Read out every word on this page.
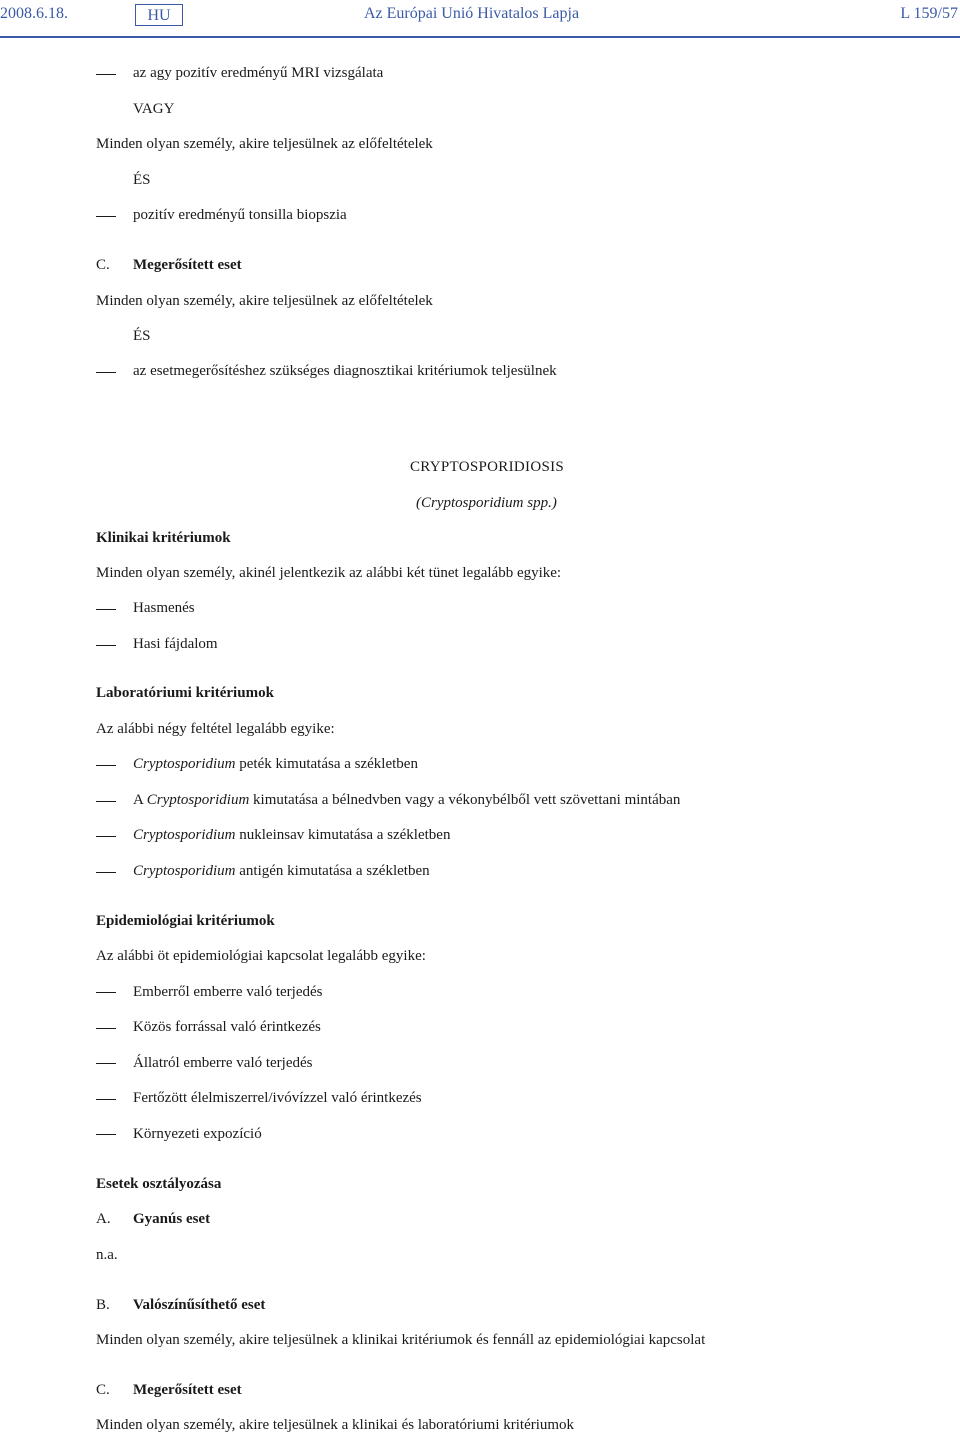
2008.6.18.	HU	Az Európai Unió Hivatalos Lapja	L 159/57
az agy pozitív eredményű MRI vizsgálata
VAGY
Minden olyan személy, akire teljesülnek az előfeltételek
ÉS
pozitív eredményű tonsilla biopszia
C. Megerősített eset
Minden olyan személy, akire teljesülnek az előfeltételek
ÉS
az esetmegerősítéshez szükséges diagnosztikai kritériumok teljesülnek
CRYPTOSPORIDIOSIS
(Cryptosporidium spp.)
Klinikai kritériumok
Minden olyan személy, akinél jelentkezik az alábbi két tünet legalább egyike:
Hasmenés
Hasi fájdalom
Laboratóriumi kritériumok
Az alábbi négy feltétel legalább egyike:
Cryptosporidium peték kimutatása a székletben
A Cryptosporidium kimutatása a bélnedvben vagy a vékonybélből vett szövettani mintában
Cryptosporidium nukleinsav kimutatása a székletben
Cryptosporidium antigén kimutatása a székletben
Epidemiológiai kritériumok
Az alábbi öt epidemiológiai kapcsolat legalább egyike:
Emberről emberre való terjedés
Közös forrással való érintkezés
Állatról emberre való terjedés
Fertőzött élelmiszerrel/ivóvízzel való érintkezés
Környezeti expozíció
Esetek osztályozása
A. Gyanús eset
n.a.
B. Valószínűsíthető eset
Minden olyan személy, akire teljesülnek a klinikai kritériumok és fennáll az epidemiológiai kapcsolat
C. Megerősített eset
Minden olyan személy, akire teljesülnek a klinikai és laboratóriumi kritériumok
